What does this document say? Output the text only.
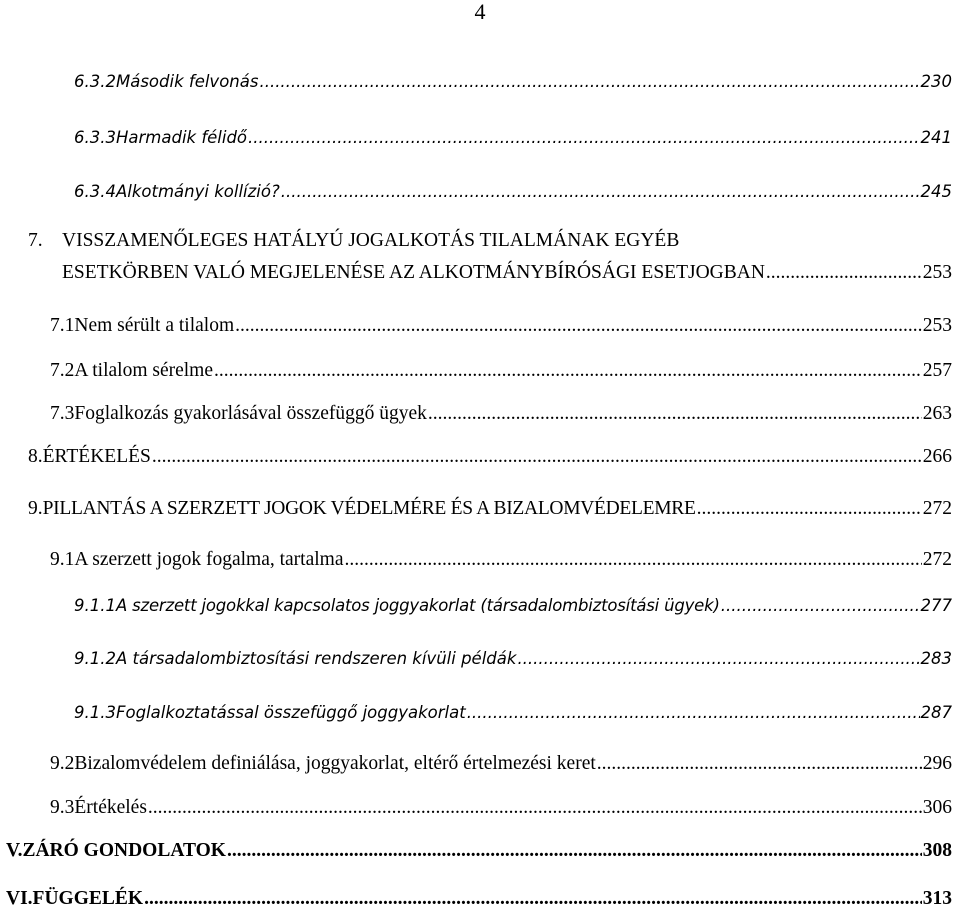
4
6.3.2 Második felvonás .....	230
6.3.3 Harmadik félidő .....	241
6.3.4 Alkotmányi kollízió? .....	245
7. VISSZAMENŐLEGES HATÁLYÚ JOGALKOTÁS TILALMÁNAK EGYÉB
ESETKÖRBEN VALÓ MEGJELENÉSE AZ ALKOTMÁNYBÍRÓSÁGI ESETJOGBAN .....	253
7.1 Nem sérült a tilalom .....	253
7.2 A tilalom sérelme .....	257
7.3 Foglalkozás gyakorlásával összefüggő ügyek .....	263
8. ÉRTÉKELÉS .....	266
9. PILLANTÁS A SZERZETT JOGOK VÉDELMÉRE ÉS A BIZALOMVÉDELEMRE .....	272
9.1 A szerzett jogok fogalma, tartalma .....	272
9.1.1 A szerzett jogokkal kapcsolatos joggyakorlat (társadalombiztosítási ügyek) .....	277
9.1.2 A társadalombiztosítási rendszeren kívüli példák .....	283
9.1.3 Foglalkoztatással összefüggő joggyakorlat .....	287
9.2 Bizalomvédelem definiálása, joggyakorlat, eltérő értelmezési keret .....	296
9.3 Értékelés .....	306
V. ZÁRÓ GONDOLATOK .....	308
VI. FÜGGELÉK .....	313
